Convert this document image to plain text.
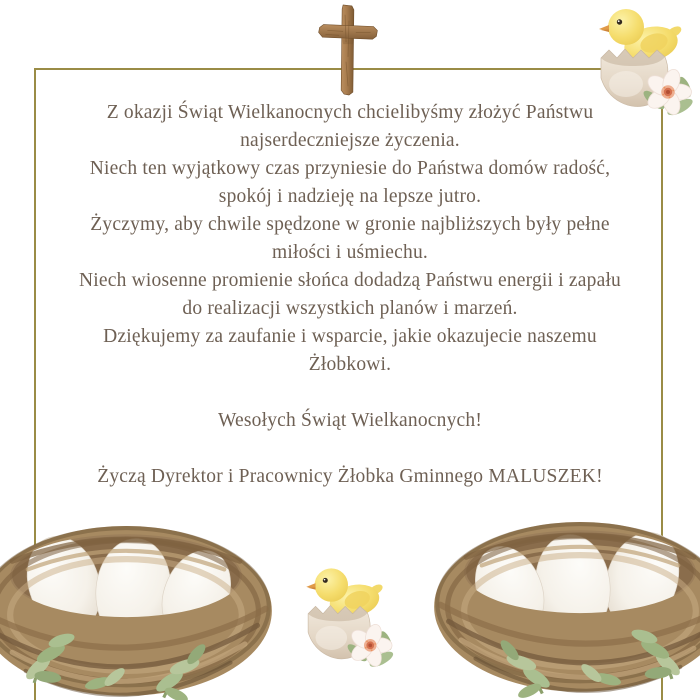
Z okazji Świąt Wielkanocnych chcielibyśmy złożyć Państwu
najserdeczniejsze życzenia.
Niech ten wyjątkowy czas przyniesie do Państwa domów radość,
spokój i nadzieję na lepsze jutro.
Życzymy, aby chwile spędzone w gronie najbliższych były pełne
miłości i uśmiechu.
Niech wiosenne promienie słońca dodadzą Państwu energii i zapału
do realizacji wszystkich planów i marzeń.
Dziękujemy za zaufanie i wsparcie, jakie okazujecie naszemu
Żłobkowi.
Wesołych Świąt Wielkanocnych!
Życzą Dyrektor i Pracownicy Żłobka Gminnego MALUSZEK!
